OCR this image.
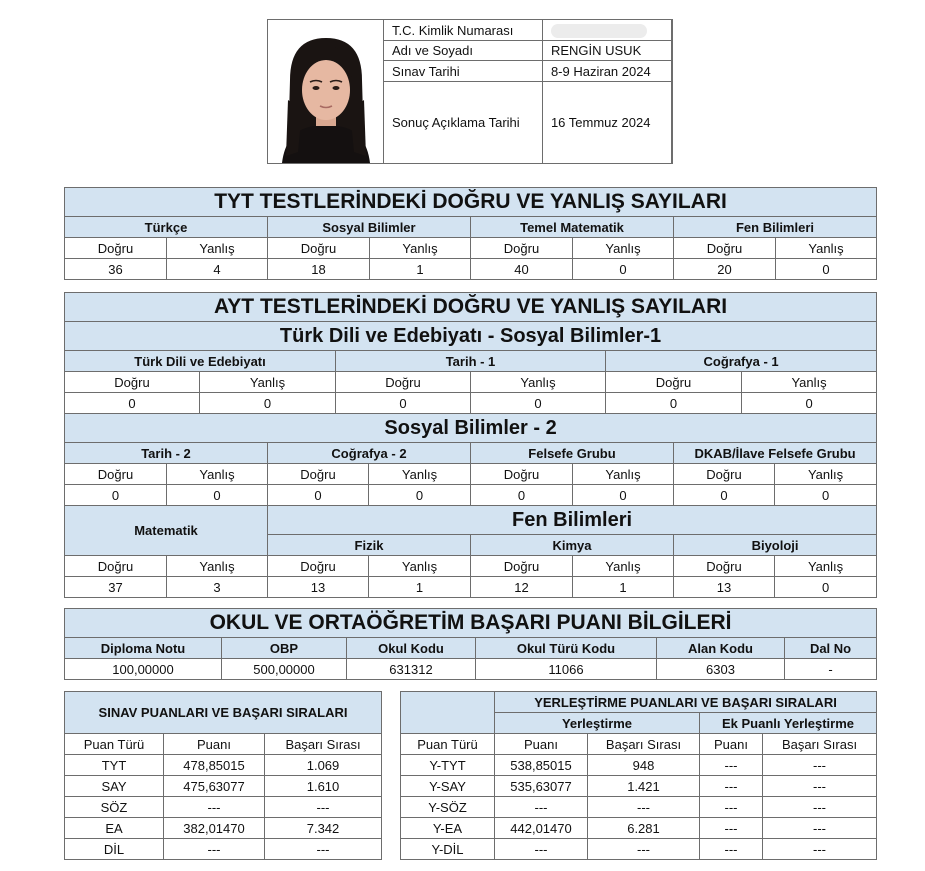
T.C. Kimlik Numarası	
Adı ve Soyadı	RENGİN USUK
Sınav Tarihi	8-9 Haziran 2024
Sonuç Açıklama Tarihi	16 Temmuz 2024
TYT TESTLERİNDEKİ DOĞRU VE YANLIŞ SAYILARI							
Türkçe		Sosyal Bilimler		Temel Matematik		Fen Bilimleri	
Doğru	Yanlış	Doğru	Yanlış	Doğru	Yanlış	Doğru	Yanlış
36	4	18	1	40	0	20	0
AYT TESTLERİNDEKİ DOĞRU VE YANLIŞ SAYILARI											
Türk Dili ve Edebiyatı - Sosyal Bilimler-1											
Türk Dili ve Edebiyatı				Tarih - 1				Coğrafya - 1			
Doğru		Yanlış		Doğru		Yanlış		Doğru		Yanlış	
0		0		0		0		0		0	
Sosyal Bilimler - 2											
Tarih - 2			Coğrafya - 2			Felsefe Grubu			DKAB/İlave Felsefe Grubu		
Doğru	Yanlış		Doğru		Yanlış	Doğru	Yanlış		Doğru		Yanlış
0	0		0		0	0	0		0		0
Matematik			Fen Bilimleri								
			Fizik			Kimya			Biyoloji		
Doğru	Yanlış		Doğru		Yanlış	Doğru	Yanlış		Doğru		Yanlış
37	3		13		1	12	1		13		0
OKUL VE ORTAÖĞRETİM BAŞARI PUANI BİLGİLERİ					
Diploma Notu	OBP	Okul Kodu	Okul Türü Kodu	Alan Kodu	Dal No
100,00000	500,00000	631312	11066	6303	-
SINAV PUANLARI VE BAŞARI SIRALARI		
Puan Türü	Puanı	Başarı Sırası
TYT	478,85015	1.069
SAY	475,63077	1.610
SÖZ	---	---
EA	382,01470	7.342
DİL	---	---
	YERLEŞTİRME PUANLARI VE BAŞARI SIRALARI			
	Yerleştirme		Ek Puanlı Yerleştirme	
Puan Türü	Puanı	Başarı Sırası	Puanı	Başarı Sırası
Y-TYT	538,85015	948	---	---
Y-SAY	535,63077	1.421	---	---
Y-SÖZ	---	---	---	---
Y-EA	442,01470	6.281	---	---
Y-DİL	---	---	---	---
